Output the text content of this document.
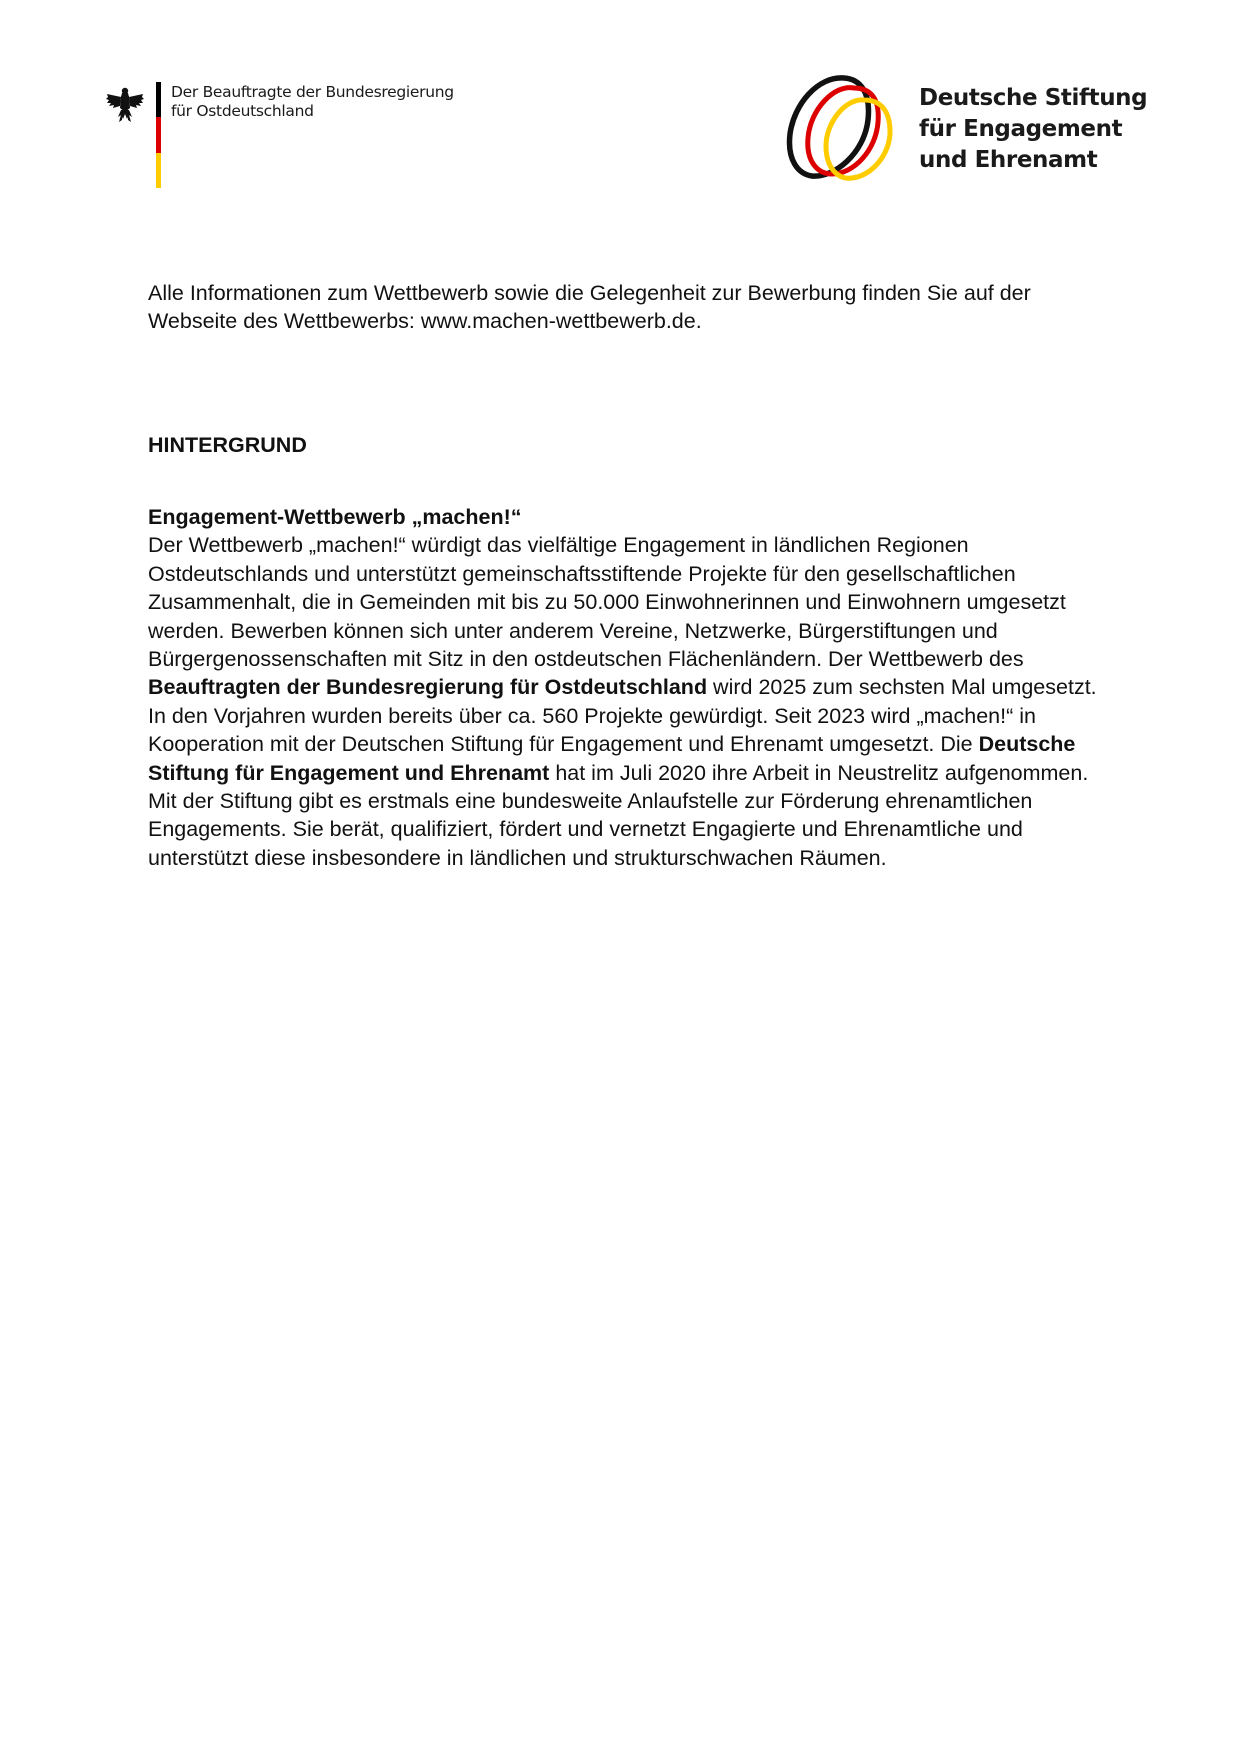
Der Beauftragte der Bundesregierung
für Ostdeutschland	Deutsche Stiftung
für Engagement
und Ehrenamt
Alle Informationen zum Wettbewerb sowie die Gelegenheit zur Bewerbung finden Sie auf der
Webseite des Wettbewerbs: www.machen-wettbewerb.de.
HINTERGRUND
Engagement-Wettbewerb „machen!“
Der Wettbewerb „machen!“ würdigt das vielfältige Engagement in ländlichen Regionen Ostdeutschlands und unterstützt gemeinschaftsstiftende Projekte für den gesellschaftlichen Zusammenhalt, die in Gemeinden mit bis zu 50.000 Einwohnerinnen und Einwohnern umgesetzt werden. Bewerben können sich unter anderem Vereine, Netzwerke, Bürgerstiftungen und Bürgergenossenschaften mit Sitz in den ostdeutschen Flächenländern. Der Wettbewerb des Beauftragten der Bundesregierung für Ostdeutschland wird 2025 zum sechsten Mal umgesetzt. In den Vorjahren wurden bereits über ca. 560 Projekte gewürdigt. Seit 2023 wird „machen!“ in Kooperation mit der Deutschen Stiftung für Engagement und Ehrenamt umgesetzt. Die Deutsche Stiftung für Engagement und Ehrenamt hat im Juli 2020 ihre Arbeit in Neustrelitz aufgenommen. Mit der Stiftung gibt es erstmals eine bundesweite Anlaufstelle zur Förderung ehrenamtlichen Engagements. Sie berät, qualifiziert, fördert und vernetzt Engagierte und Ehrenamtliche und unterstützt diese insbesondere in ländlichen und strukturschwachen Räumen.
